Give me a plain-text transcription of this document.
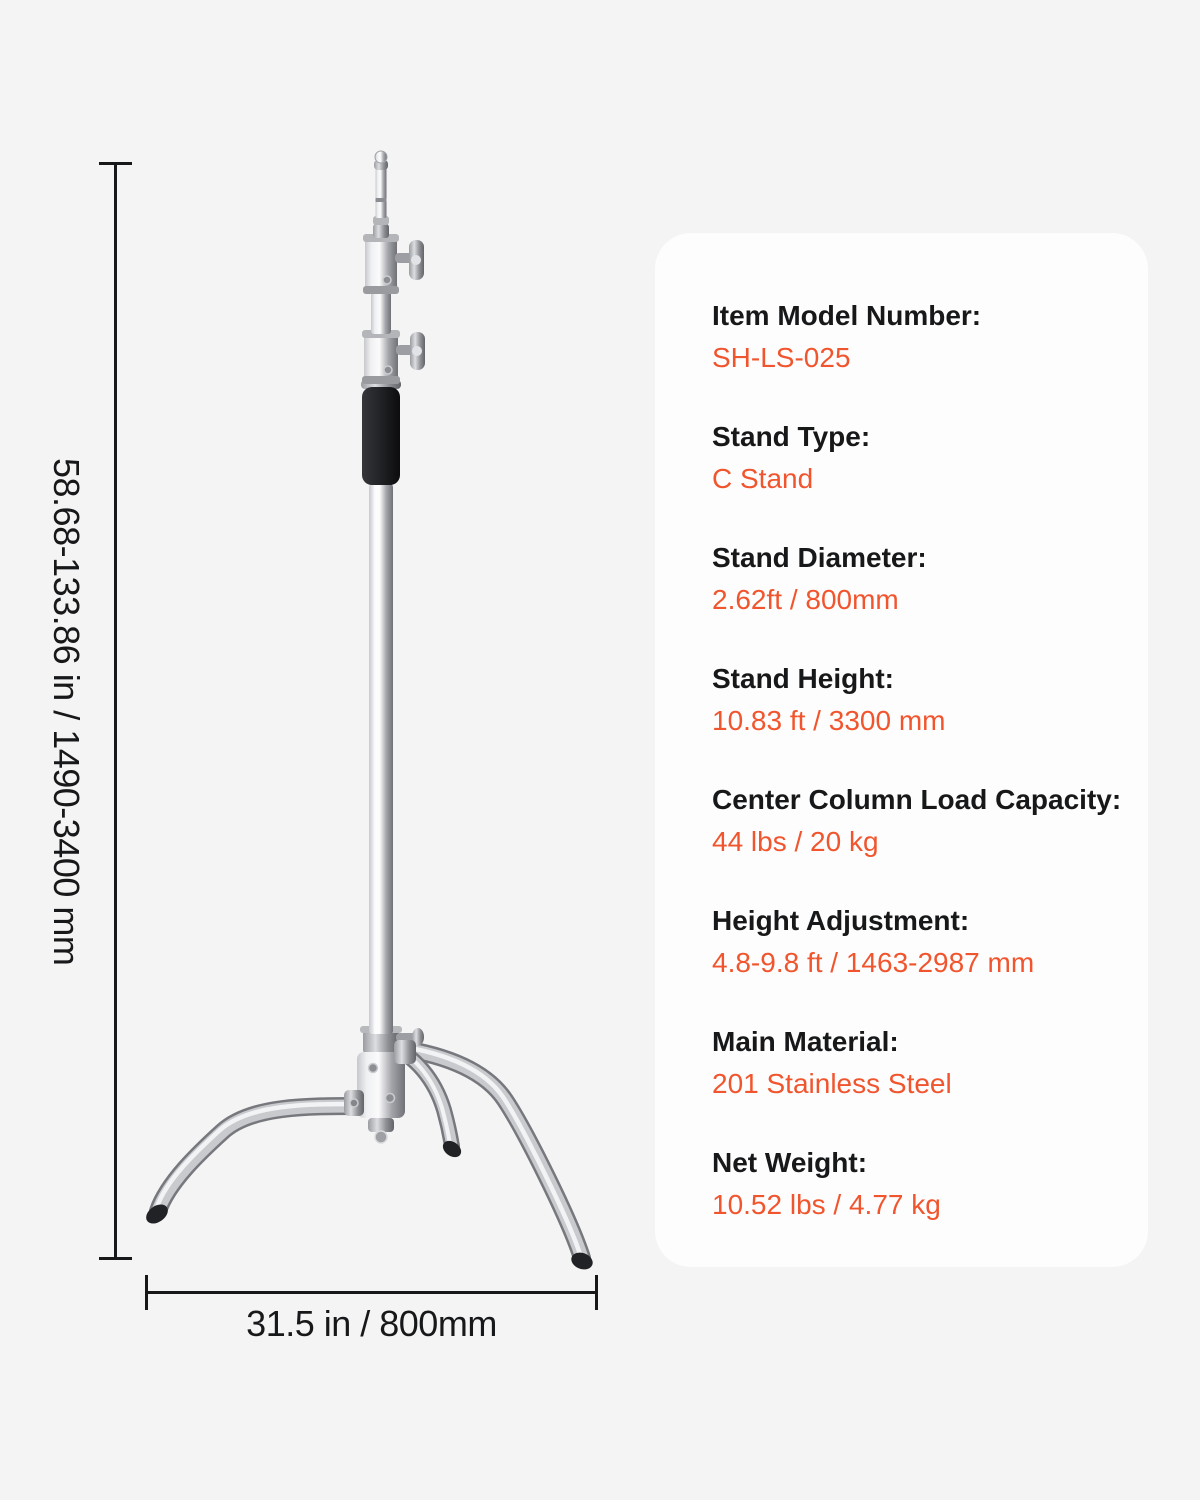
58.68-133.86 in / 1490-3400 mm
31.5 in / 800mm
Item Model Number:
SH-LS-025
Stand Type:
C Stand
Stand Diameter:
2.62ft / 800mm
Stand Height:
10.83 ft / 3300 mm
Center Column Load Capacity:
44 lbs / 20 kg
Height Adjustment:
4.8-9.8 ft / 1463-2987 mm
Main Material:
201 Stainless Steel
Net Weight:
10.52 lbs / 4.77 kg
